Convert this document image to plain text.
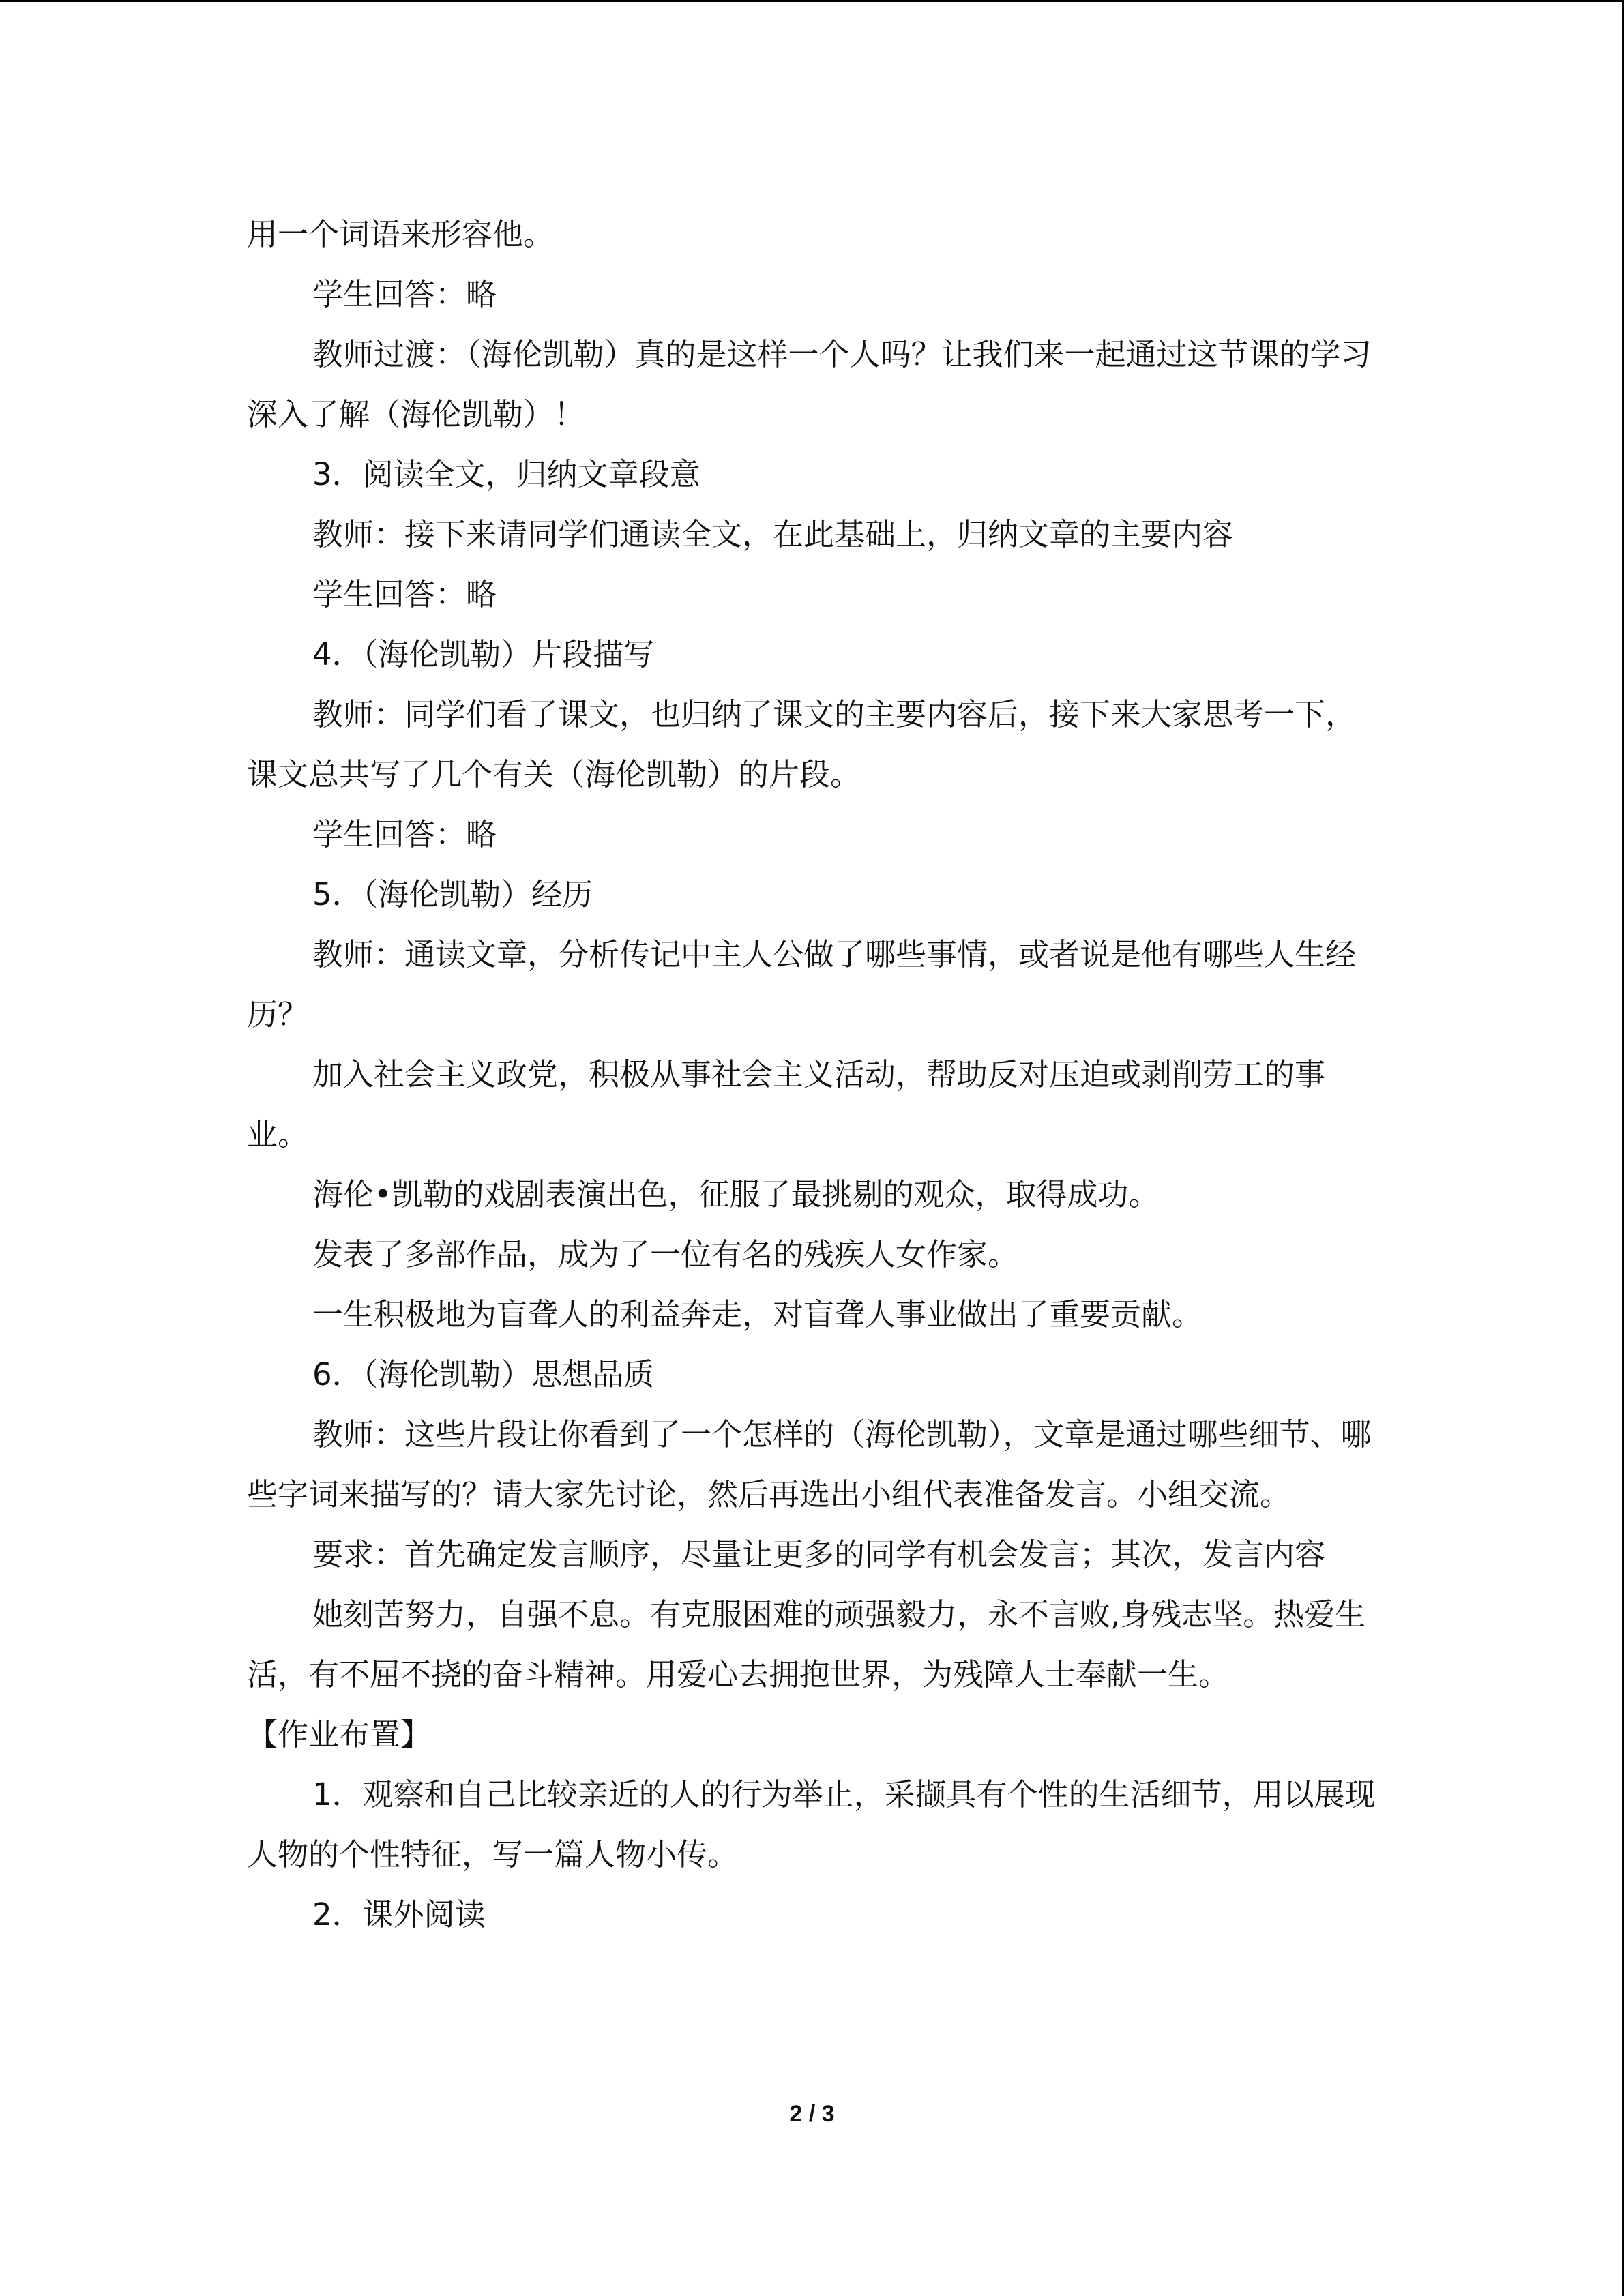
用一个词语来形容他。

学生回答：略

教师过渡：（海伦凯勒）真的是这样一个人吗？让我们来一起通过这节课的学习深入了解（海伦凯勒）！

3．阅读全文，归纳文章段意

教师：接下来请同学们通读全文，在此基础上，归纳文章的主要内容

学生回答：略

4．（海伦凯勒）片段描写

教师：同学们看了课文，也归纳了课文的主要内容后，接下来大家思考一下，课文总共写了几个有关（海伦凯勒）的片段。

学生回答：略

5．（海伦凯勒）经历

教师：通读文章，分析传记中主人公做了哪些事情，或者说是他有哪些人生经历？

加入社会主义政党，积极从事社会主义活动，帮助反对压迫或剥削劳工的事业。

海伦•凯勒的戏剧表演出色，征服了最挑剔的观众，取得成功。

发表了多部作品，成为了一位有名的残疾人女作家。

一生积极地为盲聋人的利益奔走，对盲聋人事业做出了重要贡献。

6．（海伦凯勒）思想品质

教师：这些片段让你看到了一个怎样的（海伦凯勒），文章是通过哪些细节、哪些字词来描写的？请大家先讨论，然后再选出小组代表准备发言。小组交流。

要求：首先确定发言顺序，尽量让更多的同学有机会发言；其次，发言内容

她刻苦努力，自强不息。有克服困难的顽强毅力，永不言败,身残志坚。热爱生活，有不屈不挠的奋斗精神。用爱心去拥抱世界，为残障人士奉献一生。

【作业布置】

1．观察和自己比较亲近的人的行为举止，采撷具有个性的生活细节，用以展现人物的个性特征，写一篇人物小传。

2．课外阅读

2 / 3
